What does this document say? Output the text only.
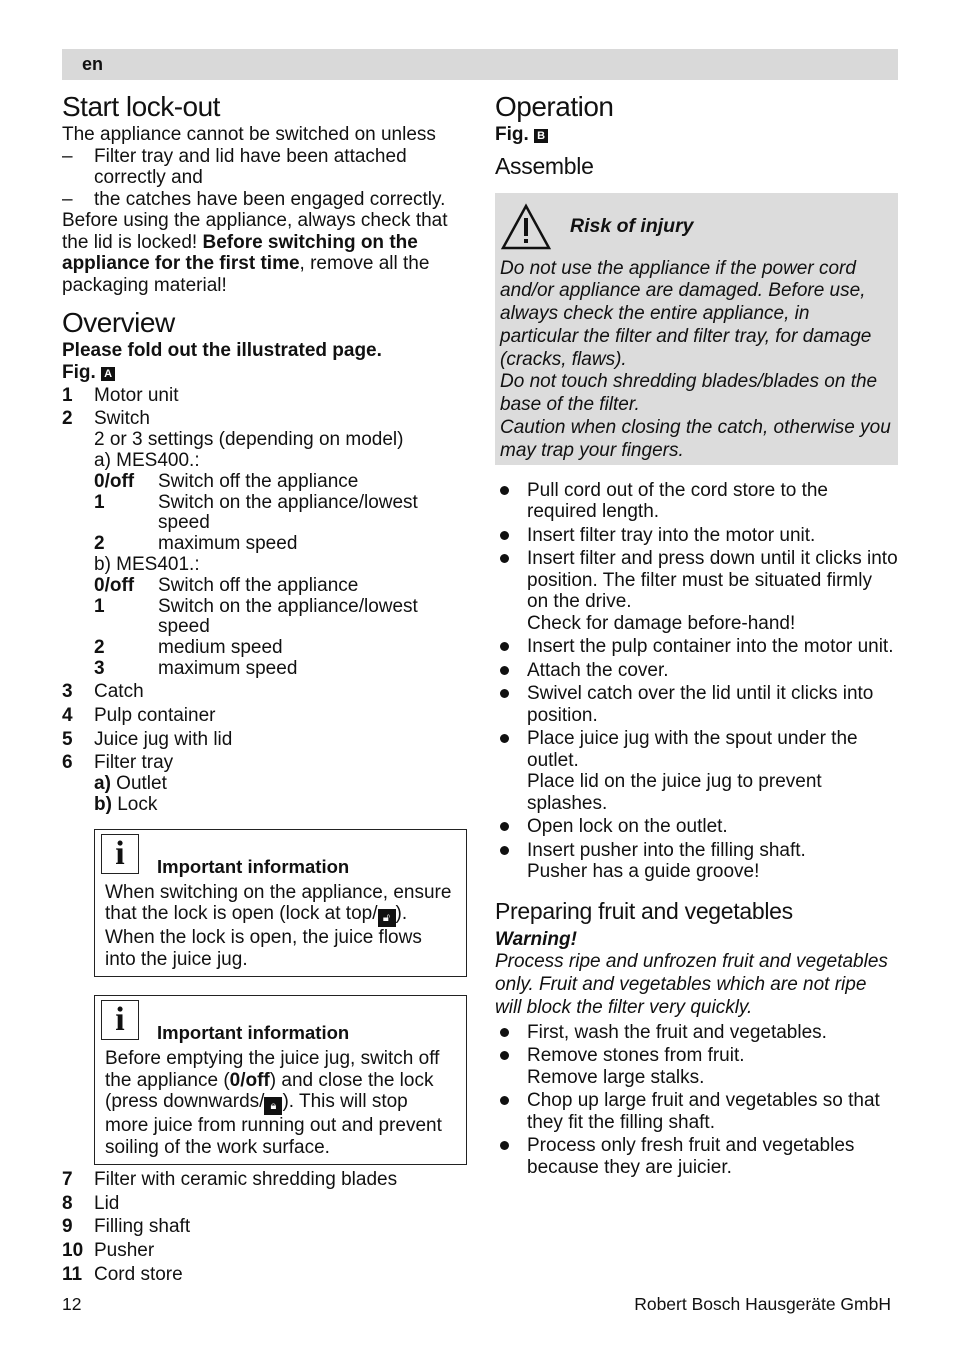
en
Start lock-out

The appliance cannot be switched on unless

–	Filter tray and lid have been attached correctly and
–	the catches have been engaged correctly.

Before using the appliance, always check that the lid is locked! Before switching on the appliance for the first time, remove all the packaging material!

Overview

Please fold out the illustrated page.

Fig. A

1	Motor unit
2	Switch
2 or 3 settings (depending on model)
a) MES400.:
0/off	Switch off the appliance
1	Switch on the appliance/lowest speed
2	maximum speed
b) MES401.:
0/off	Switch off the appliance
1	Switch on the appliance/lowest speed
2	medium speed
3	maximum speed
3	Catch
4	Pulp container
5	Juice jug with lid
6	Filter tray
a) Outlet
b) Lock
i	Important information
When switching on the appliance, ensure that the lock is open (lock at top/ 🔓︎ ). When the lock is open, the juice flows into the juice jug.
i	Important information
Before emptying the juice jug, switch off the appliance (0/off) and close the lock (press downwards/ 🔒︎ ). This will stop more juice from running out and prevent soiling of the work surface.
7	Filter with ceramic shredding blades
8	Lid
9	Filling shaft
10 Pusher
11 Cord store
Operation

Fig. B

Assemble
Risk of injury
Do not use the appliance if the power cord and/or appliance are damaged. Before use, always check the entire appliance, in particular the filter and filter tray, for damage (cracks, flaws).
Do not touch shredding blades/blades on the base of the filter.
Caution when closing the catch, otherwise you may trap your fingers.
Pull cord out of the cord store to the required length.
Insert filter tray into the motor unit.
Insert filter and press down until it clicks into position. The filter must be situated firmly on the drive.
Check for damage before-hand!
Insert the pulp container into the motor unit.
Attach the cover.
Swivel catch over the lid until it clicks into position.
Place juice jug with the spout under the outlet.
Place lid on the juice jug to prevent splashes.
Open lock on the outlet.
Insert pusher into the filling shaft.
Pusher has a guide groove!
Preparing fruit and vegetables
Warning!
Process ripe and unfrozen fruit and vegetables only. Fruit and vegetables which are not ripe will block the filter very quickly.
First, wash the fruit and vegetables.
Remove stones from fruit.
Remove large stalks.
Chop up large fruit and vegetables so that they fit the filling shaft.
Process only fresh fruit and vegetables because they are juicier.
12	Robert Bosch Hausgeräte GmbH
